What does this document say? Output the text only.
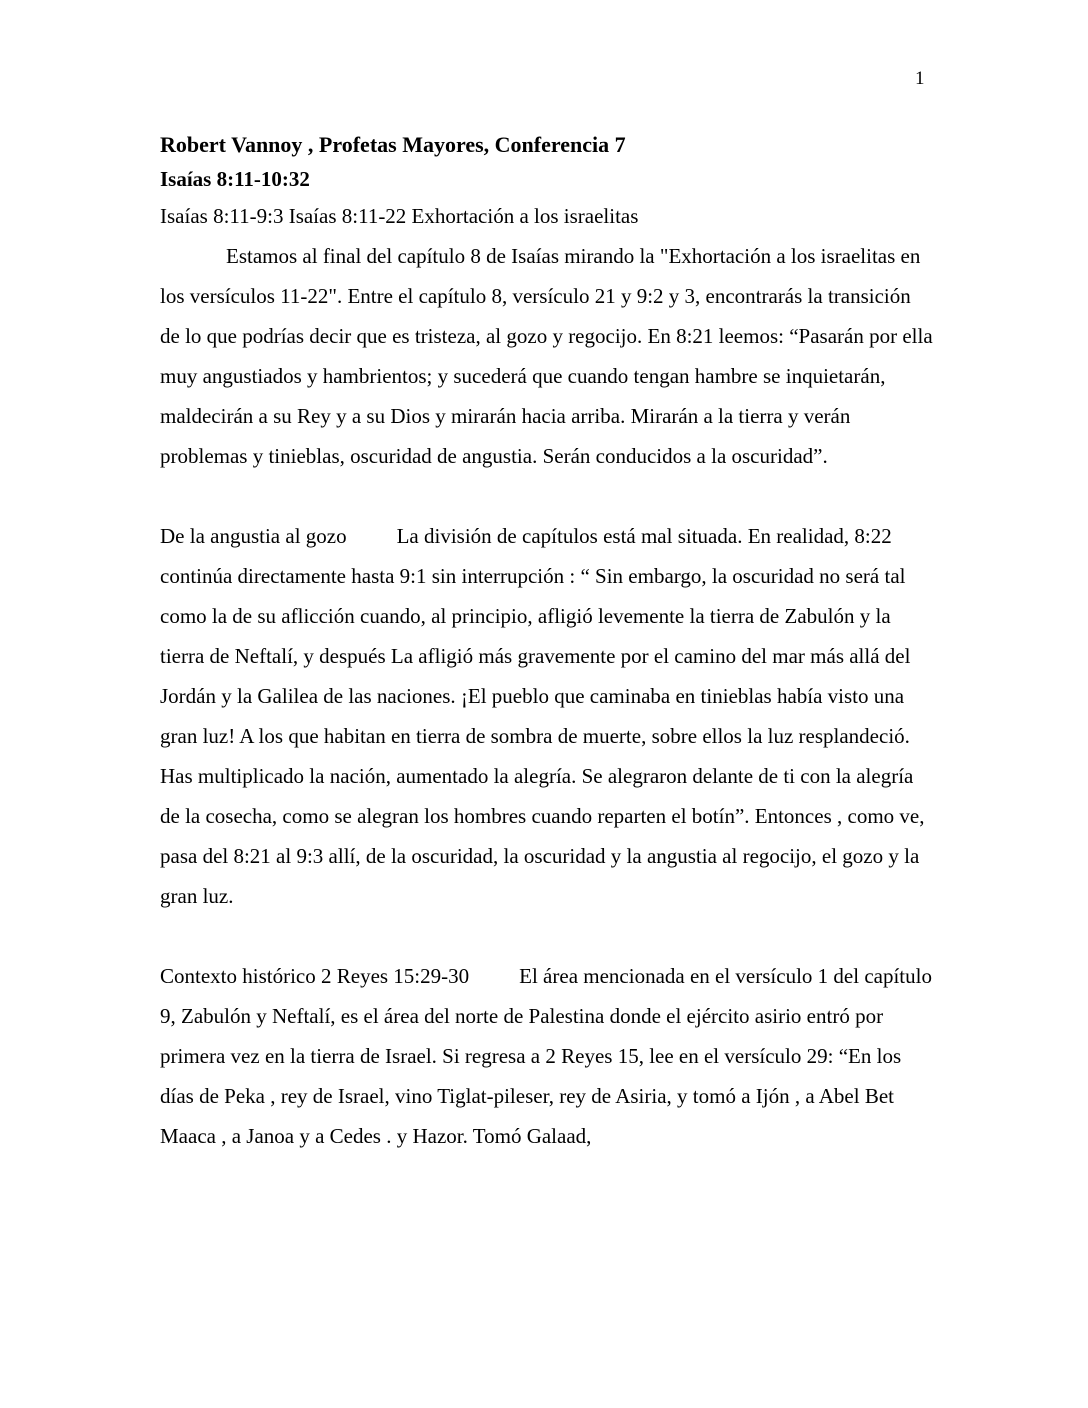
1
Robert Vannoy , Profetas Mayores, Conferencia 7
Isaías 8:11-10:32

Isaías 8:11-9:3 Isaías 8:11-22 Exhortación a los israelitas

Estamos al final del capítulo 8 de Isaías mirando la "Exhortación a los israelitas en los versículos 11-22". Entre el capítulo 8, versículo 21 y 9:2 y 3, encontrarás la transición de lo que podrías decir que es tristeza, al gozo y regocijo. En 8:21 leemos: “Pasarán por ella muy angustiados y hambrientos; y sucederá que cuando tengan hambre se inquietarán, maldecirán a su Rey y a su Dios y mirarán hacia arriba. Mirarán a la tierra y verán problemas y tinieblas, oscuridad de angustia. Serán conducidos a la oscuridad”.

De la angustia al gozo La división de capítulos está mal situada. En realidad, 8:22 continúa directamente hasta 9:1 sin interrupción : “ Sin embargo, la oscuridad no será tal como la de su aflicción cuando, al principio, afligió levemente la tierra de Zabulón y la tierra de Neftalí, y después La afligió más gravemente por el camino del mar más allá del Jordán y la Galilea de las naciones. ¡El pueblo que caminaba en tinieblas había visto una gran luz! A los que habitan en tierra de sombra de muerte, sobre ellos la luz resplandeció. Has multiplicado la nación, aumentado la alegría. Se alegraron delante de ti con la alegría de la cosecha, como se alegran los hombres cuando reparten el botín”. Entonces , como ve, pasa del 8:21 al 9:3 allí, de la oscuridad, la oscuridad y la angustia al regocijo, el gozo y la gran luz.

Contexto histórico 2 Reyes 15:29-30 El área mencionada en el versículo 1 del capítulo 9, Zabulón y Neftalí, es el área del norte de Palestina donde el ejército asirio entró por primera vez en la tierra de Israel. Si regresa a 2 Reyes 15, lee en el versículo 29: “En los días de Peka , rey de Israel, vino Tiglat-pileser, rey de Asiria, y tomó a Ijón , a Abel Bet Maaca , a Janoa y a Cedes . y Hazor. Tomó Galaad,
